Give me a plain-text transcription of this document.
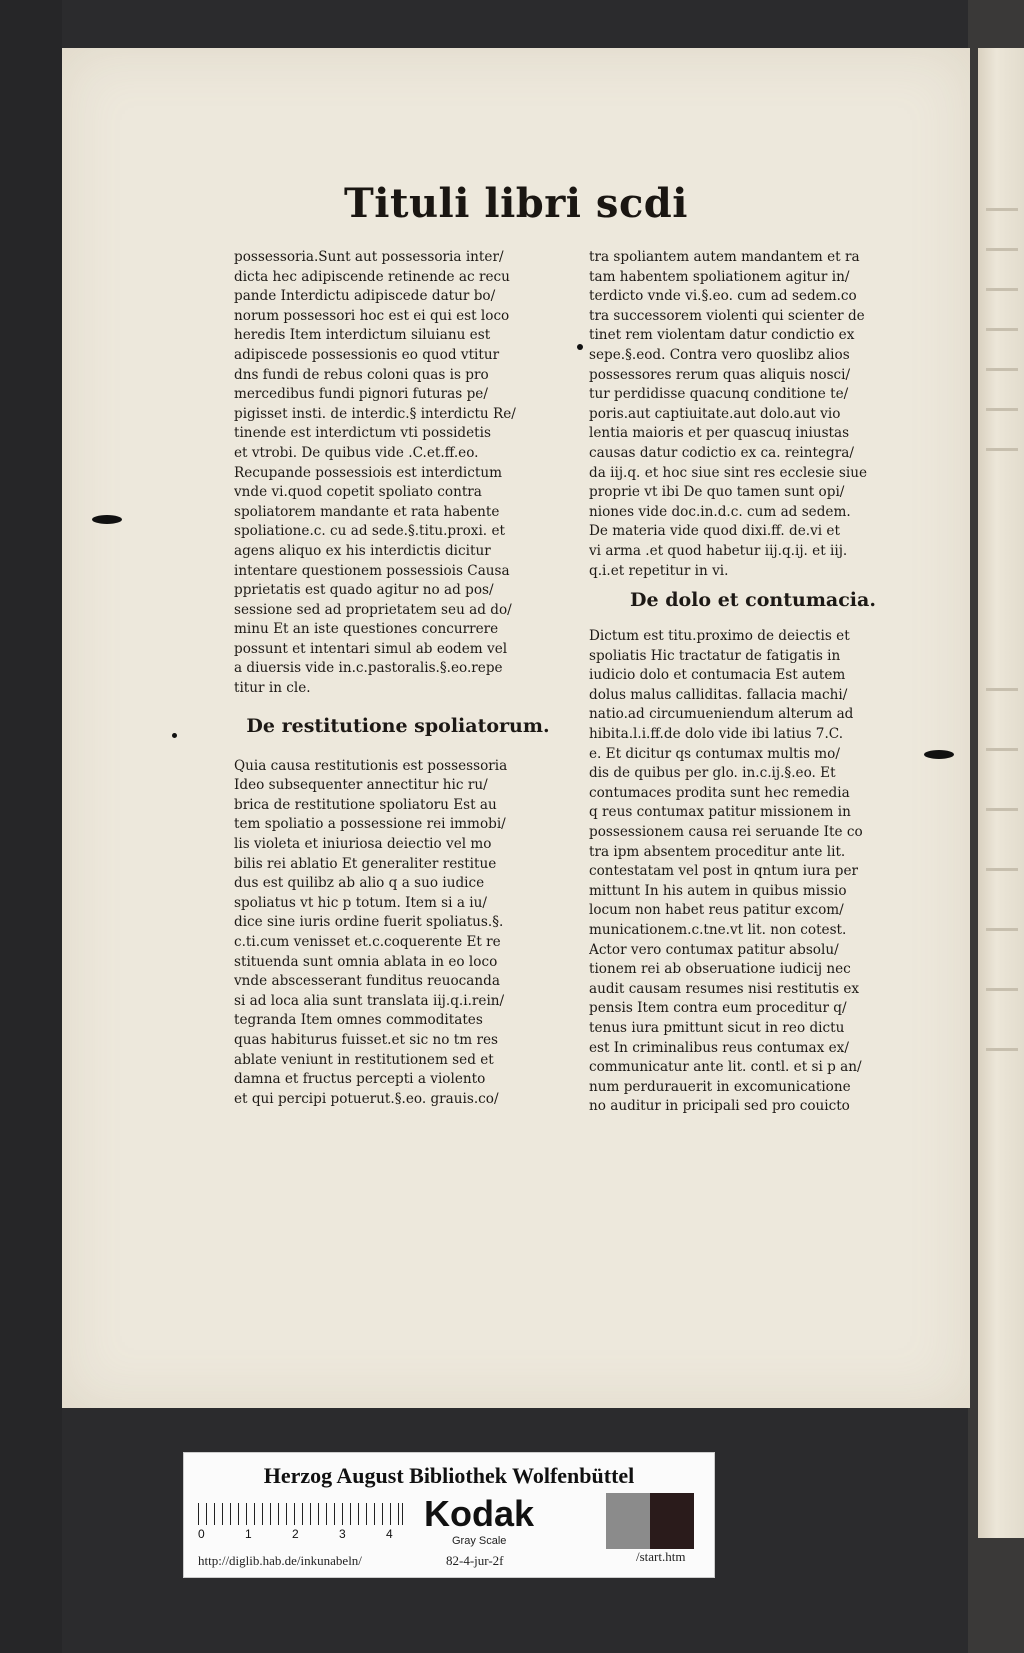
Tituli libri scdi
possessoria.Sunt aut possessoria inter/
dicta hec adipiscende retinende ac recu
pande Interdictu adipiscede datur bo/
norum possessori hoc est ei qui est loco
heredis Item interdictum siluianu est
adipiscede possessionis eo quod vtitur
dns fundi de rebus coloni quas is pro
mercedibus fundi pignori futuras pe/
pigisset insti. de interdic.§ interdictu Re/
tinende est interdictum vti possidetis
et vtrobi. De quibus vide .C.et.ff.eo.
Recupande possessiois est interdictum
vnde vi.quod copetit spoliato contra
spoliatorem mandante et rata habente
spoliatione.c. cu ad sede.§.titu.proxi. et
agens aliquo ex his interdictis dicitur
intentare questionem possessiois Causa
pprietatis est quado agitur no ad pos/
sessione sed ad proprietatem seu ad do/
minu Et an iste questiones concurrere
possunt et intentari simul ab eodem vel
a diuersis vide in.c.pastoralis.§.eo.repe
titur in cle.
De restitutione spoliatorum.
Quia causa restitutionis est possessoria
Ideo subsequenter annectitur hic ru/
brica de restitutione spoliatoru Est au
tem spoliatio a possessione rei immobi/
lis violeta et iniuriosa deiectio vel mo
bilis rei ablatio Et generaliter restitue
dus est quilibz ab alio q a suo iudice
spoliatus vt hic p totum. Item si a iu/
dice sine iuris ordine fuerit spoliatus.§.
c.ti.cum venisset et.c.coquerente Et re
stituenda sunt omnia ablata in eo loco
vnde abscesserant funditus reuocanda
si ad loca alia sunt translata iij.q.i.rein/
tegranda Item omnes commoditates
quas habiturus fuisset.et sic no tm res
ablate veniunt in restitutionem sed et
damna et fructus percepti a violento
et qui percipi potuerut.§.eo. grauis.co/
tra spoliantem autem mandantem et ra
tam habentem spoliationem agitur in/
terdicto vnde vi.§.eo. cum ad sedem.co
tra successorem violenti qui scienter de
tinet rem violentam datur condictio ex
sepe.§.eod. Contra vero quoslibz alios
possessores rerum quas aliquis nosci/
tur perdidisse quacunq conditione te/
poris.aut captiuitate.aut dolo.aut vio
lentia maioris et per quascuq iniustas
causas datur codictio ex ca. reintegra/
da iij.q. et hoc siue sint res ecclesie siue
proprie vt ibi De quo tamen sunt opi/
niones vide doc.in.d.c. cum ad sedem.
De materia vide quod dixi.ff. de.vi et
vi arma .et quod habetur iij.q.ij. et iij.
q.i.et repetitur in vi.
De dolo et contumacia.
Dictum est titu.proximo de deiectis et
spoliatis Hic tractatur de fatigatis in
iudicio dolo et contumacia Est autem
dolus malus calliditas. fallacia machi/
natio.ad circumueniendum alterum ad
hibita.l.i.ff.de dolo vide ibi latius 7.C.
e. Et dicitur qs contumax multis mo/
dis de quibus per glo. in.c.ij.§.eo. Et
contumaces prodita sunt hec remedia
q reus contumax patitur missionem in
possessionem causa rei seruande Ite co
tra ipm absentem proceditur ante lit.
contestatam vel post in qntum iura per
mittunt In his autem in quibus missio
locum non habet reus patitur excom/
municationem.c.tne.vt lit. non cotest.
Actor vero contumax patitur absolu/
tionem rei ab obseruatione iudicij nec
audit causam resumes nisi restitutis ex
pensis Item contra eum proceditur q/
tenus iura pmittunt sicut in reo dictu
est In criminalibus reus contumax ex/
communicatur ante lit. contl. et si p an/
num perdurauerit in excomunicatione
no auditur in pricipali sed pro couicto
Herzog August Bibliothek Wolfenbüttel
0	1	2	3	4 Kodak
Gray Scale
http://diglib.hab.de/inkunabeln/	82-4-jur-2f	/start.htm
